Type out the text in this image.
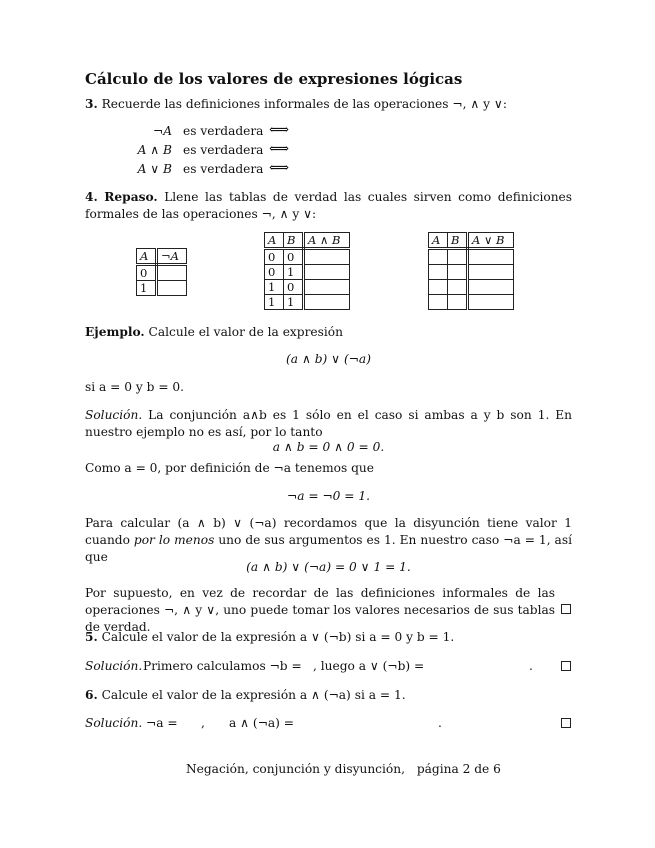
Cálculo de los valores de expresiones lógicas
3. Recuerde las definiciones informales de las operaciones ¬, ∧ y ∨:
¬A es verdadera ⟺
A ∧ B es verdadera ⟺
A ∨ B es verdadera ⟺
4. Repaso. Llene las tablas de verdad las cuales sirven como definiciones formales de las operaciones ¬, ∧ y ∨:
A	¬A
0	
1	
A	B	A ∧ B
0	0	
0	1	
1	0	
1	1	
A	B	A ∨ B

Ejemplo. Calcule el valor de la expresión
(a ∧ b) ∨ (¬a)
si a = 0 y b = 0.
Solución. La conjunción a∧b es 1 sólo en el caso si ambas a y b son 1. En nuestro ejemplo no es así, por lo tanto
a ∧ b = 0 ∧ 0 = 0.
Como a = 0, por definición de ¬a tenemos que
¬a = ¬0 = 1.
Para calcular (a ∧ b) ∨ (¬a) recordamos que la disyunción tiene valor 1 cuando por lo menos uno de sus argumentos es 1. En nuestro caso ¬a = 1, así que
(a ∧ b) ∨ (¬a) = 0 ∨ 1 = 1.
Por supuesto, en vez de recordar de las definiciones informales de las operaciones ¬, ∧ y ∨, uno puede tomar los valores necesarios de sus tablas de verdad.
5. Calcule el valor de la expresión a ∨ (¬b) si a = 0 y b = 1.
Solución. Primero calculamos ¬b = , luego a ∨ (¬b) =	.
6. Calcule el valor de la expresión a ∧ (¬a) si a = 1.
Solución. ¬a = , a ∧ (¬a) =	.
Negación, conjunción y disyunción, página 2 de 6
